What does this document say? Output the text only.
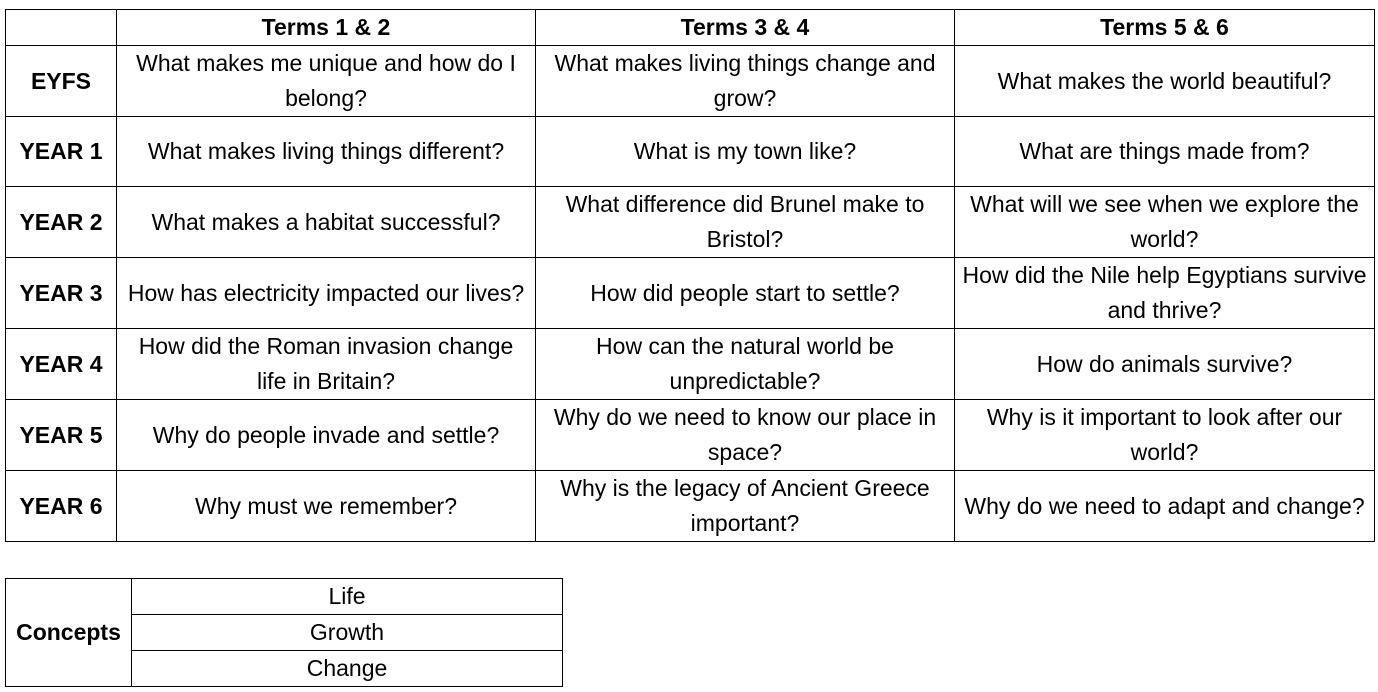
	Terms 1 & 2	Terms 3 & 4	Terms 5 & 6
EYFS	What makes me unique and how do I belong?	What makes living things change and grow?	What makes the world beautiful?
YEAR 1	What makes living things different?	What is my town like?	What are things made from?
YEAR 2	What makes a habitat successful?	What difference did Brunel make to Bristol?	What will we see when we explore the world?
YEAR 3	How has electricity impacted our lives?	How did people start to settle?	How did the Nile help Egyptians survive and thrive?
YEAR 4	How did the Roman invasion change life in Britain?	How can the natural world be unpredictable?	How do animals survive?
YEAR 5	Why do people invade and settle?	Why do we need to know our place in space?	Why is it important to look after our world?
YEAR 6	Why must we remember?	Why is the legacy of Ancient Greece important?	Why do we need to adapt and change?
Concepts	Life
Growth
Change
